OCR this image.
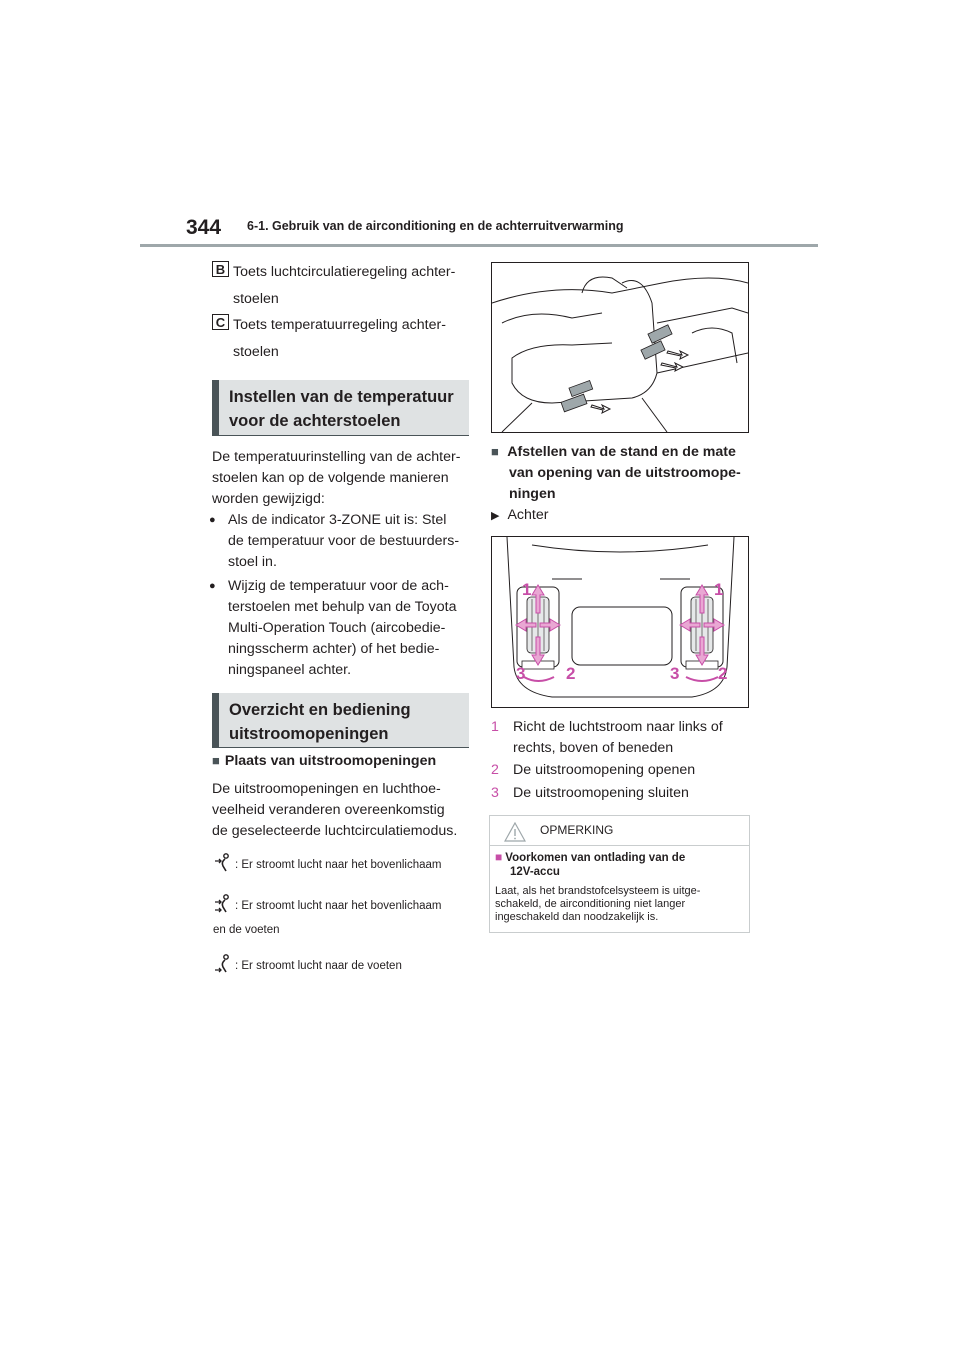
344 6-1. Gebruik van de airconditioning en de achterruitverwarming
B Toets luchtcirculatieregeling achter-
stoelen
C Toets temperatuurregeling achter-
stoelen
Instellen van de temperatuur
voor de achterstoelen
De temperatuurinstelling van de achter-
stoelen kan op de volgende manieren
worden gewijzigd:
● Als de indicator 3-ZONE uit is: Stel
de temperatuur voor de bestuurders-
stoel in.
● Wijzig de temperatuur voor de ach-
terstoelen met behulp van de Toyota
Multi-Operation Touch (aircobedie-
ningsscherm achter) of het bedie-
ningspaneel achter.
Overzicht en bediening
uitstroomopeningen
■ Plaats van uitstroomopeningen
De uitstroomopeningen en luchthoe-
veelheid veranderen overeenkomstig
de geselecteerde luchtcirculatiemodus.
: Er stroomt lucht naar het bovenlichaam
: Er stroomt lucht naar het bovenlichaam
en de voeten
: Er stroomt lucht naar de voeten
■ Afstellen van de stand en de mate
van opening van de uitstroomope-
ningen
▶ Achter
1	1
3 2	3 2
1 Richt de luchtstroom naar links of
rechts, boven of beneden
2 De uitstroomopening openen
3 De uitstroomopening sluiten
OPMERKING
■ Voorkomen van ontlading van de
12V-accu
Laat, als het brandstofcelsysteem is uitge-
schakeld, de airconditioning niet langer
ingeschakeld dan noodzakelijk is.
